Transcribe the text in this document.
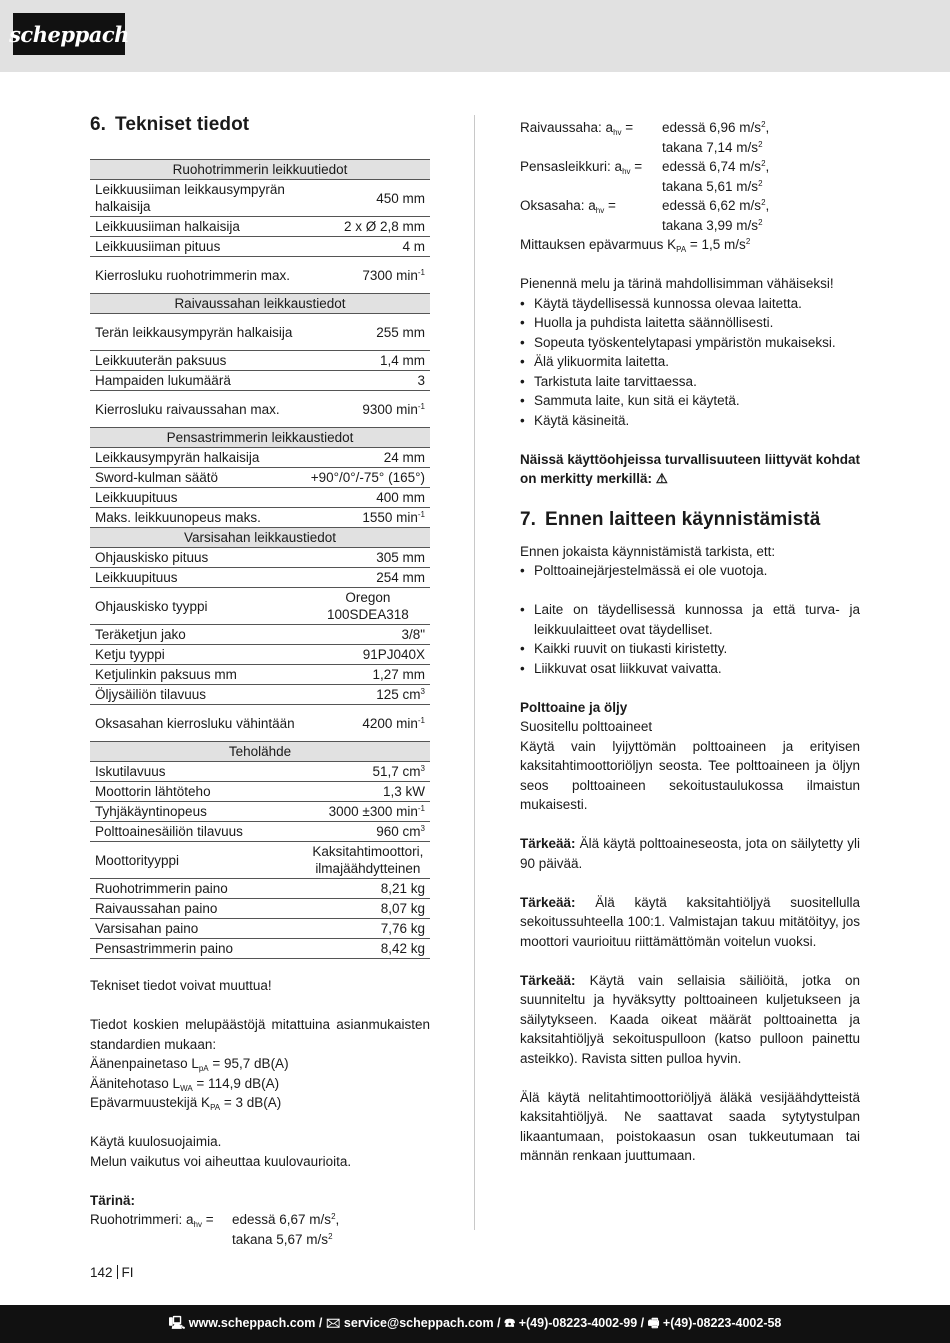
scheppach
6. Tekniset tiedot
Ruohotrimmerin leikkuutiedot	
Leikkuusiiman leikkausympyrän halkaisija	450 mm
Leikkuusiiman halkaisija	2 x Ø 2,8 mm
Leikkuusiiman pituus	4 m
Kierrosluku ruohotrimmerin max.	7300 $\min^{-1}$
Raivaussahan leikkaustiedot	
Terän leikkausympyrän halkaisija	255 mm
Leikkuuterän paksuus	1,4 mm
Hampaiden lukumäärä	3
Kierrosluku raivaussahan max.	9300 $\min^{-1}$
Pensastrimmerin leikkaustiedot	
Leikkausympyrän halkaisija	24 mm
Sword-kulman säätö	+90°/0°/-75° (165°)
Leikkuupituus	400 mm
Maks. leikkuunopeus maks.	1550 $\min^{-1}$
Varsisahan leikkaustiedot	
Ohjauskisko pituus	305 mm
Leikkuupituus	254 mm
Ohjauskisko tyyppi	Oregon
100SDEA318
Teräketjun jako	3/8"
Ketju tyyppi	91PJ040X
Ketjulinkin paksuus mm	1,27 mm
Öljysäiliön tilavuus	125 $cm^3$
Oksasahan kierrosluku vähintään	4200 $\min^{-1}$
Teholähde	
Iskutilavuus	51,7 $cm^3$
Moottorin lähtöteho	1,3 kW
Tyhjäkäyntinopeus	3000 ±300 $\min^{-1}$
Polttoainesäiliön tilavuus	960 $cm^3$
Moottorityyppi	Kaksitahtimoottori,
ilmajäähdytteinen
Ruohotrimmerin paino	8,21 kg
Raivaussahan paino	8,07 kg
Varsisahan paino	7,76 kg
Pensastrimmerin paino	8,42 kg

Tekniset tiedot voivat muuttua!

Tiedot koskien melupäästöjä mitattuina asianmukaisten standardien mukaan:

Äänenpainetaso $L_{pA} = 95,7$ dB(A)

Äänitehotaso $L_{WA} = 114,9$ dB(A)

Epävarmuustekijä $K_{PA} = 3$ dB(A)

Käytä kuulosuojaimia.

Melun vaikutus voi aiheuttaa kuulovaurioita.

Tärinä:

Ruohotrimmeri: $a_{hv}$ =	edessä 6,67 $m/s^2$,
takana 5,67 $m/s^2$
Raivaussaha: $a_{hv}$ =	edessä 6,96 $m/s^2$,
takana 7,14 $m/s^2$
Pensasleikkuri: $a_{hv}$ =	edessä 6,74 $m/s^2$,
takana 5,61 $m/s^2$
Oksasaha: $a_{hv}$ =	edessä 6,62 $m/s^2$,
takana 3,99 $m/s^2$

Mittauksen epävarmuus $K_{PA} = 1,5$ $m/s^2$

Pienennä melu ja tärinä mahdollisimman vähäiseksi!

• Käytä täydellisessä kunnossa olevaa laitetta.
• Huolla ja puhdista laitetta säännöllisesti.
• Sopeuta työskentelytapasi ympäristön mukaiseksi.
• Älä ylikuormita laitetta.
• Tarkistuta laite tarvittaessa.
• Sammuta laite, kun sitä ei käytetä.
• Käytä käsineitä.

Näissä käyttöohjeissa turvallisuuteen liittyvät kohdat on merkitty merkillä: ⚠

7. Ennen laitteen käynnistämistä

Ennen jokaista käynnistämistä tarkista, ett:

• Polttoainejärjestelmässä ei ole vuotoja.
• Laite on täydellisessä kunnossa ja että turva- ja leikkuulaitteet ovat täydelliset.
• Kaikki ruuvit on tiukasti kiristetty.
• Liikkuvat osat liikkuvat vaivatta.

Polttoaine ja öljy

Suositellu polttoaineet

Käytä vain lyijyttömän polttoaineen ja erityisen kaksitahtimoottoriöljyn seosta. Tee polttoaineen ja öljyn seos polttoaineen sekoitustaulukossa ilmaistun mukaisesti.

Tärkeää: Älä käytä polttoaineseosta, jota on säilytetty yli 90 päivää.

Tärkeää: Älä käytä kaksitahtiöljyä suositellulla sekoitussuhteella 100:1. Valmistajan takuu mitätöityy, jos moottori vaurioituu riittämättömän voitelun vuoksi.

Tärkeää: Käytä vain sellaisia säiliöitä, jotka on suunniteltu ja hyväksytty polttoaineen kuljetukseen ja säilytykseen. Kaada oikeat määrät polttoainetta ja kaksitahtiöljyä sekoituspulloon (katso pulloon painettu asteikko). Ravista sitten pulloa hyvin.

Älä käytä nelitahtimoottoriöljyä äläkä vesijäähdytteistä kaksitahtiöljyä. Ne saattavat saada sytytystulpan likaantumaan, poistokaasun osan tukkeutumaan tai männän renkaan juuttumaan.

142 FI
🖳 www.scheppach.com / 🖂 service@scheppach.com / ☎ +(49)-08223-4002-99 / 🖷 +(49)-08223-4002-58
